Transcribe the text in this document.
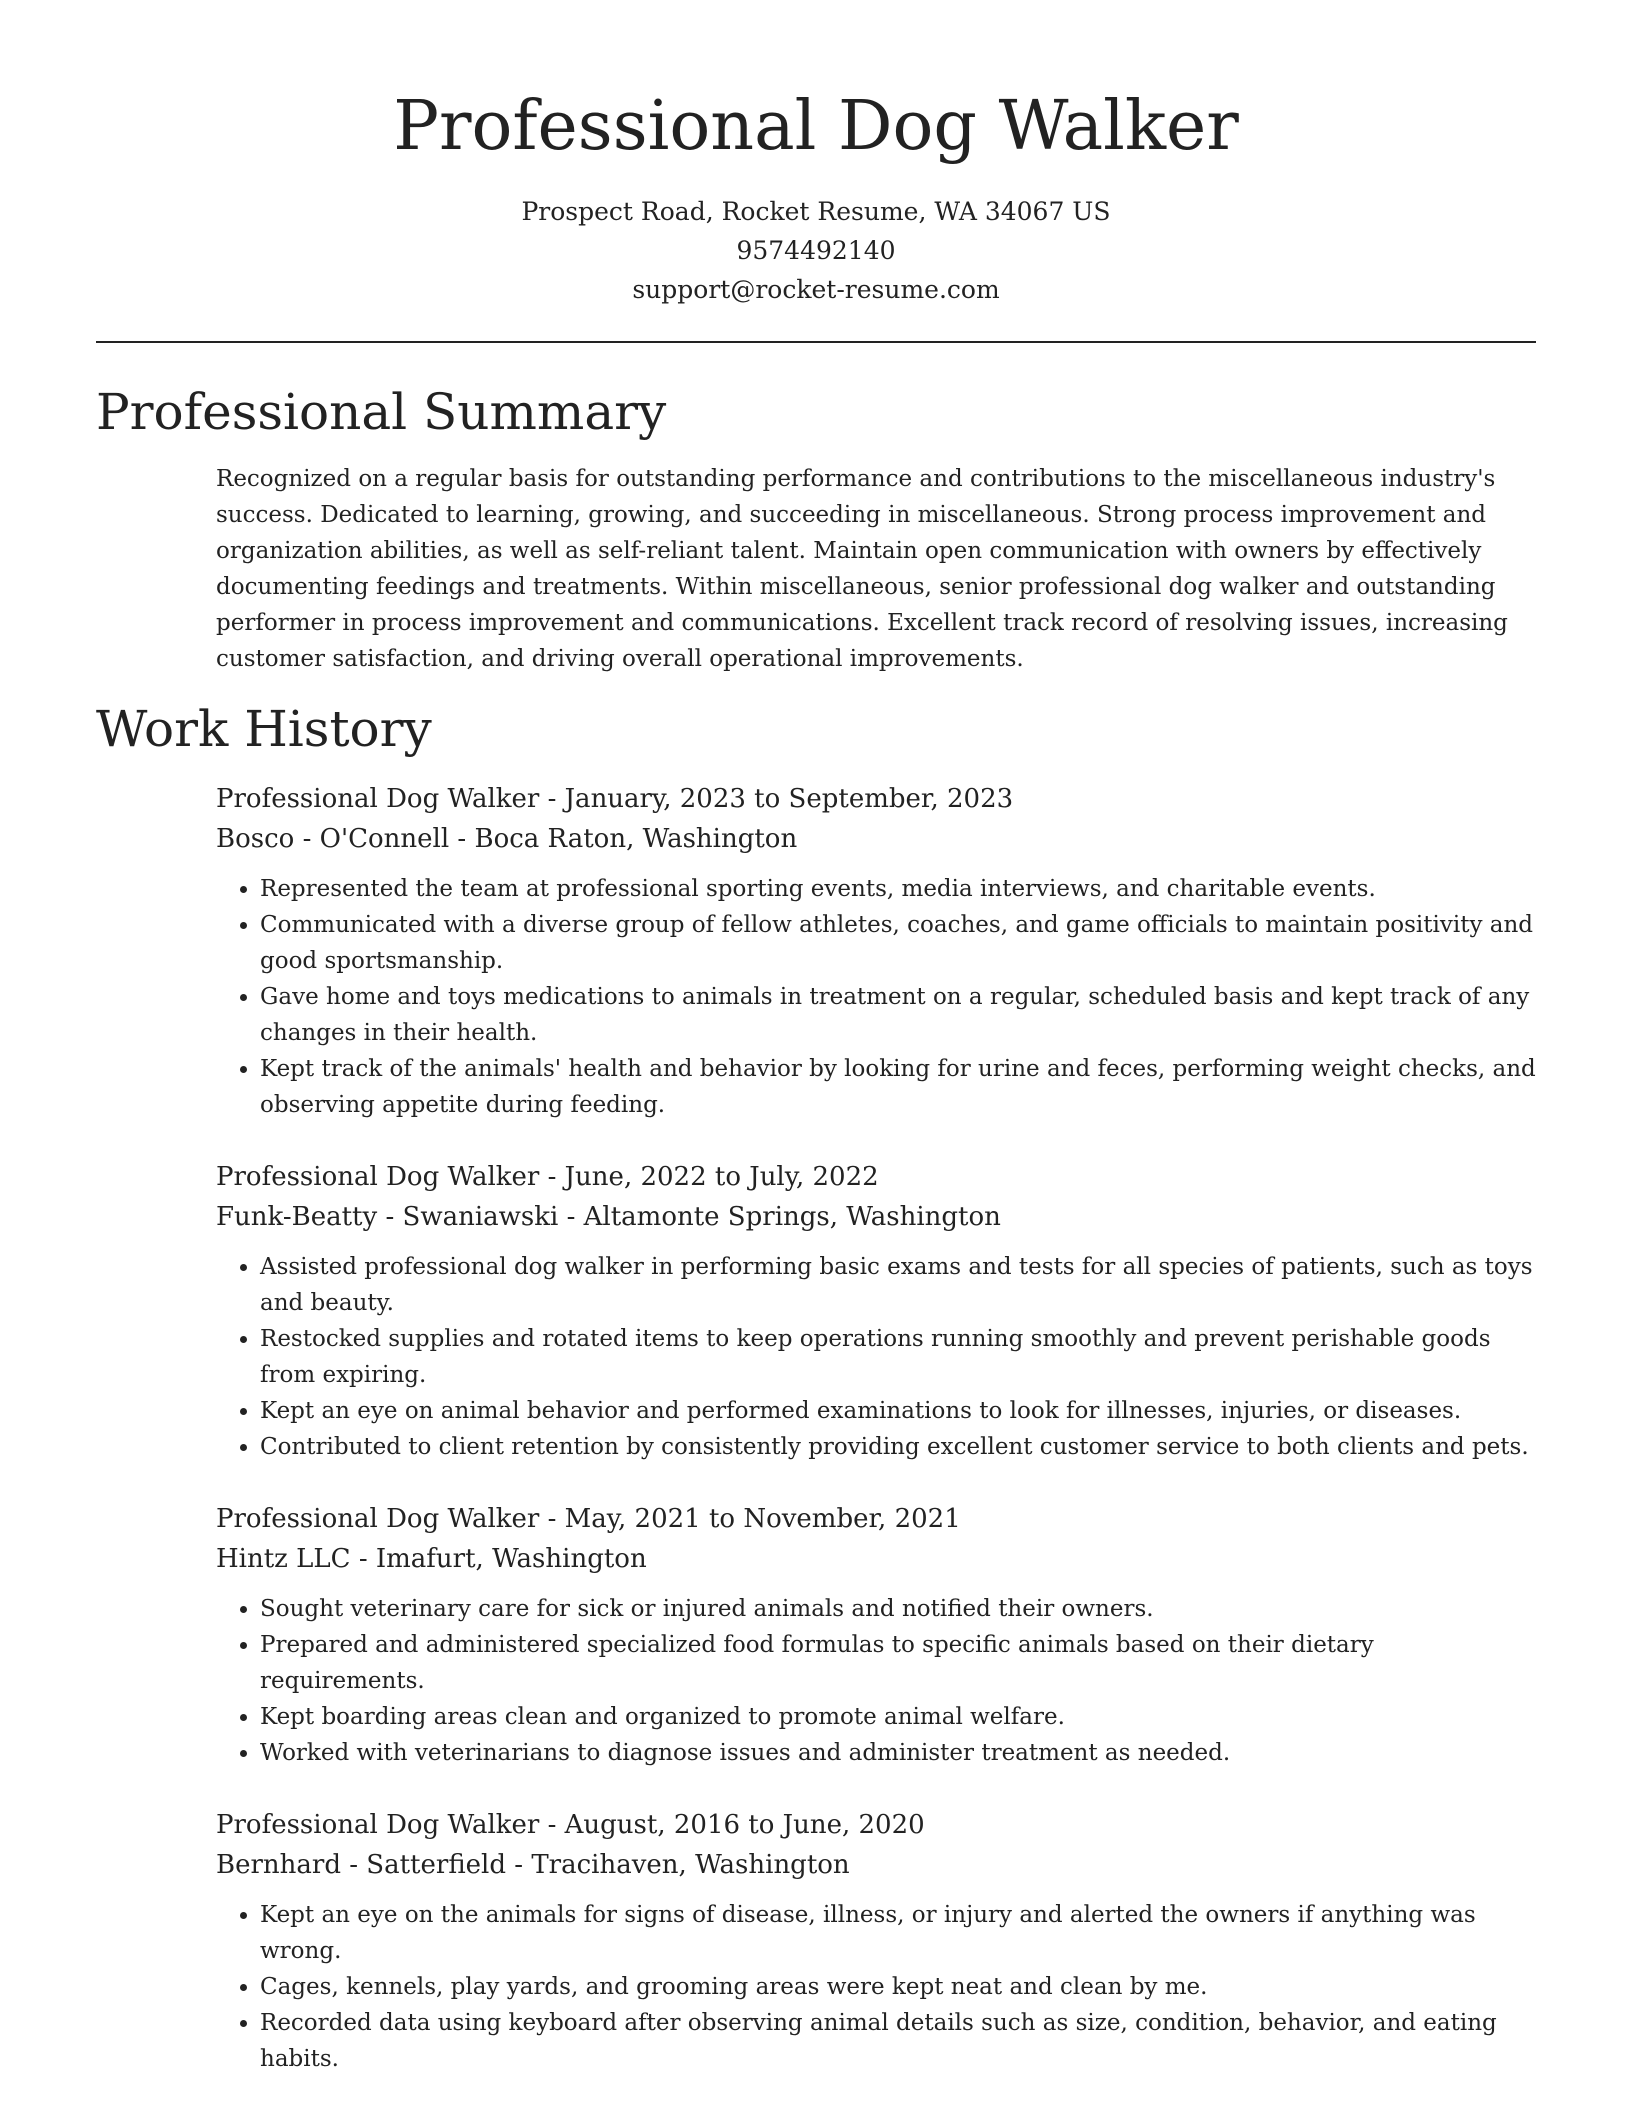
Professional Dog Walker
Prospect Road, Rocket Resume, WA 34067 US
9574492140
support@rocket-resume.com
Professional Summary

Recognized on a regular basis for outstanding performance and contributions to the miscellaneous industry's success. Dedicated to learning, growing, and succeeding in miscellaneous. Strong process improvement and organization abilities, as well as self-reliant talent. Maintain open communication with owners by effectively documenting feedings and treatments. Within miscellaneous, senior professional dog walker and outstanding performer in process improvement and communications. Excellent track record of resolving issues, increasing customer satisfaction, and driving overall operational improvements.

Work History
Professional Dog Walker - January, 2023 to September, 2023
Bosco - O'Connell - Boca Raton, Washington
• Represented the team at professional sporting events, media interviews, and charitable events.
• Communicated with a diverse group of fellow athletes, coaches, and game officials to maintain positivity and good sportsmanship.
• Gave home and toys medications to animals in treatment on a regular, scheduled basis and kept track of any changes in their health.
• Kept track of the animals' health and behavior by looking for urine and feces, performing weight checks, and observing appetite during feeding.
Professional Dog Walker - June, 2022 to July, 2022
Funk-Beatty - Swaniawski - Altamonte Springs, Washington
• Assisted professional dog walker in performing basic exams and tests for all species of patients, such as toys and beauty.
• Restocked supplies and rotated items to keep operations running smoothly and prevent perishable goods from expiring.
• Kept an eye on animal behavior and performed examinations to look for illnesses, injuries, or diseases.
• Contributed to client retention by consistently providing excellent customer service to both clients and pets.
Professional Dog Walker - May, 2021 to November, 2021
Hintz LLC - Imafurt, Washington
• Sought veterinary care for sick or injured animals and notified their owners.
• Prepared and administered specialized food formulas to specific animals based on their dietary requirements.
• Kept boarding areas clean and organized to promote animal welfare.
• Worked with veterinarians to diagnose issues and administer treatment as needed.
Professional Dog Walker - August, 2016 to June, 2020
Bernhard - Satterfield - Tracihaven, Washington
• Kept an eye on the animals for signs of disease, illness, or injury and alerted the owners if anything was wrong.
• Cages, kennels, play yards, and grooming areas were kept neat and clean by me.
• Recorded data using keyboard after observing animal details such as size, condition, behavior, and eating habits.
